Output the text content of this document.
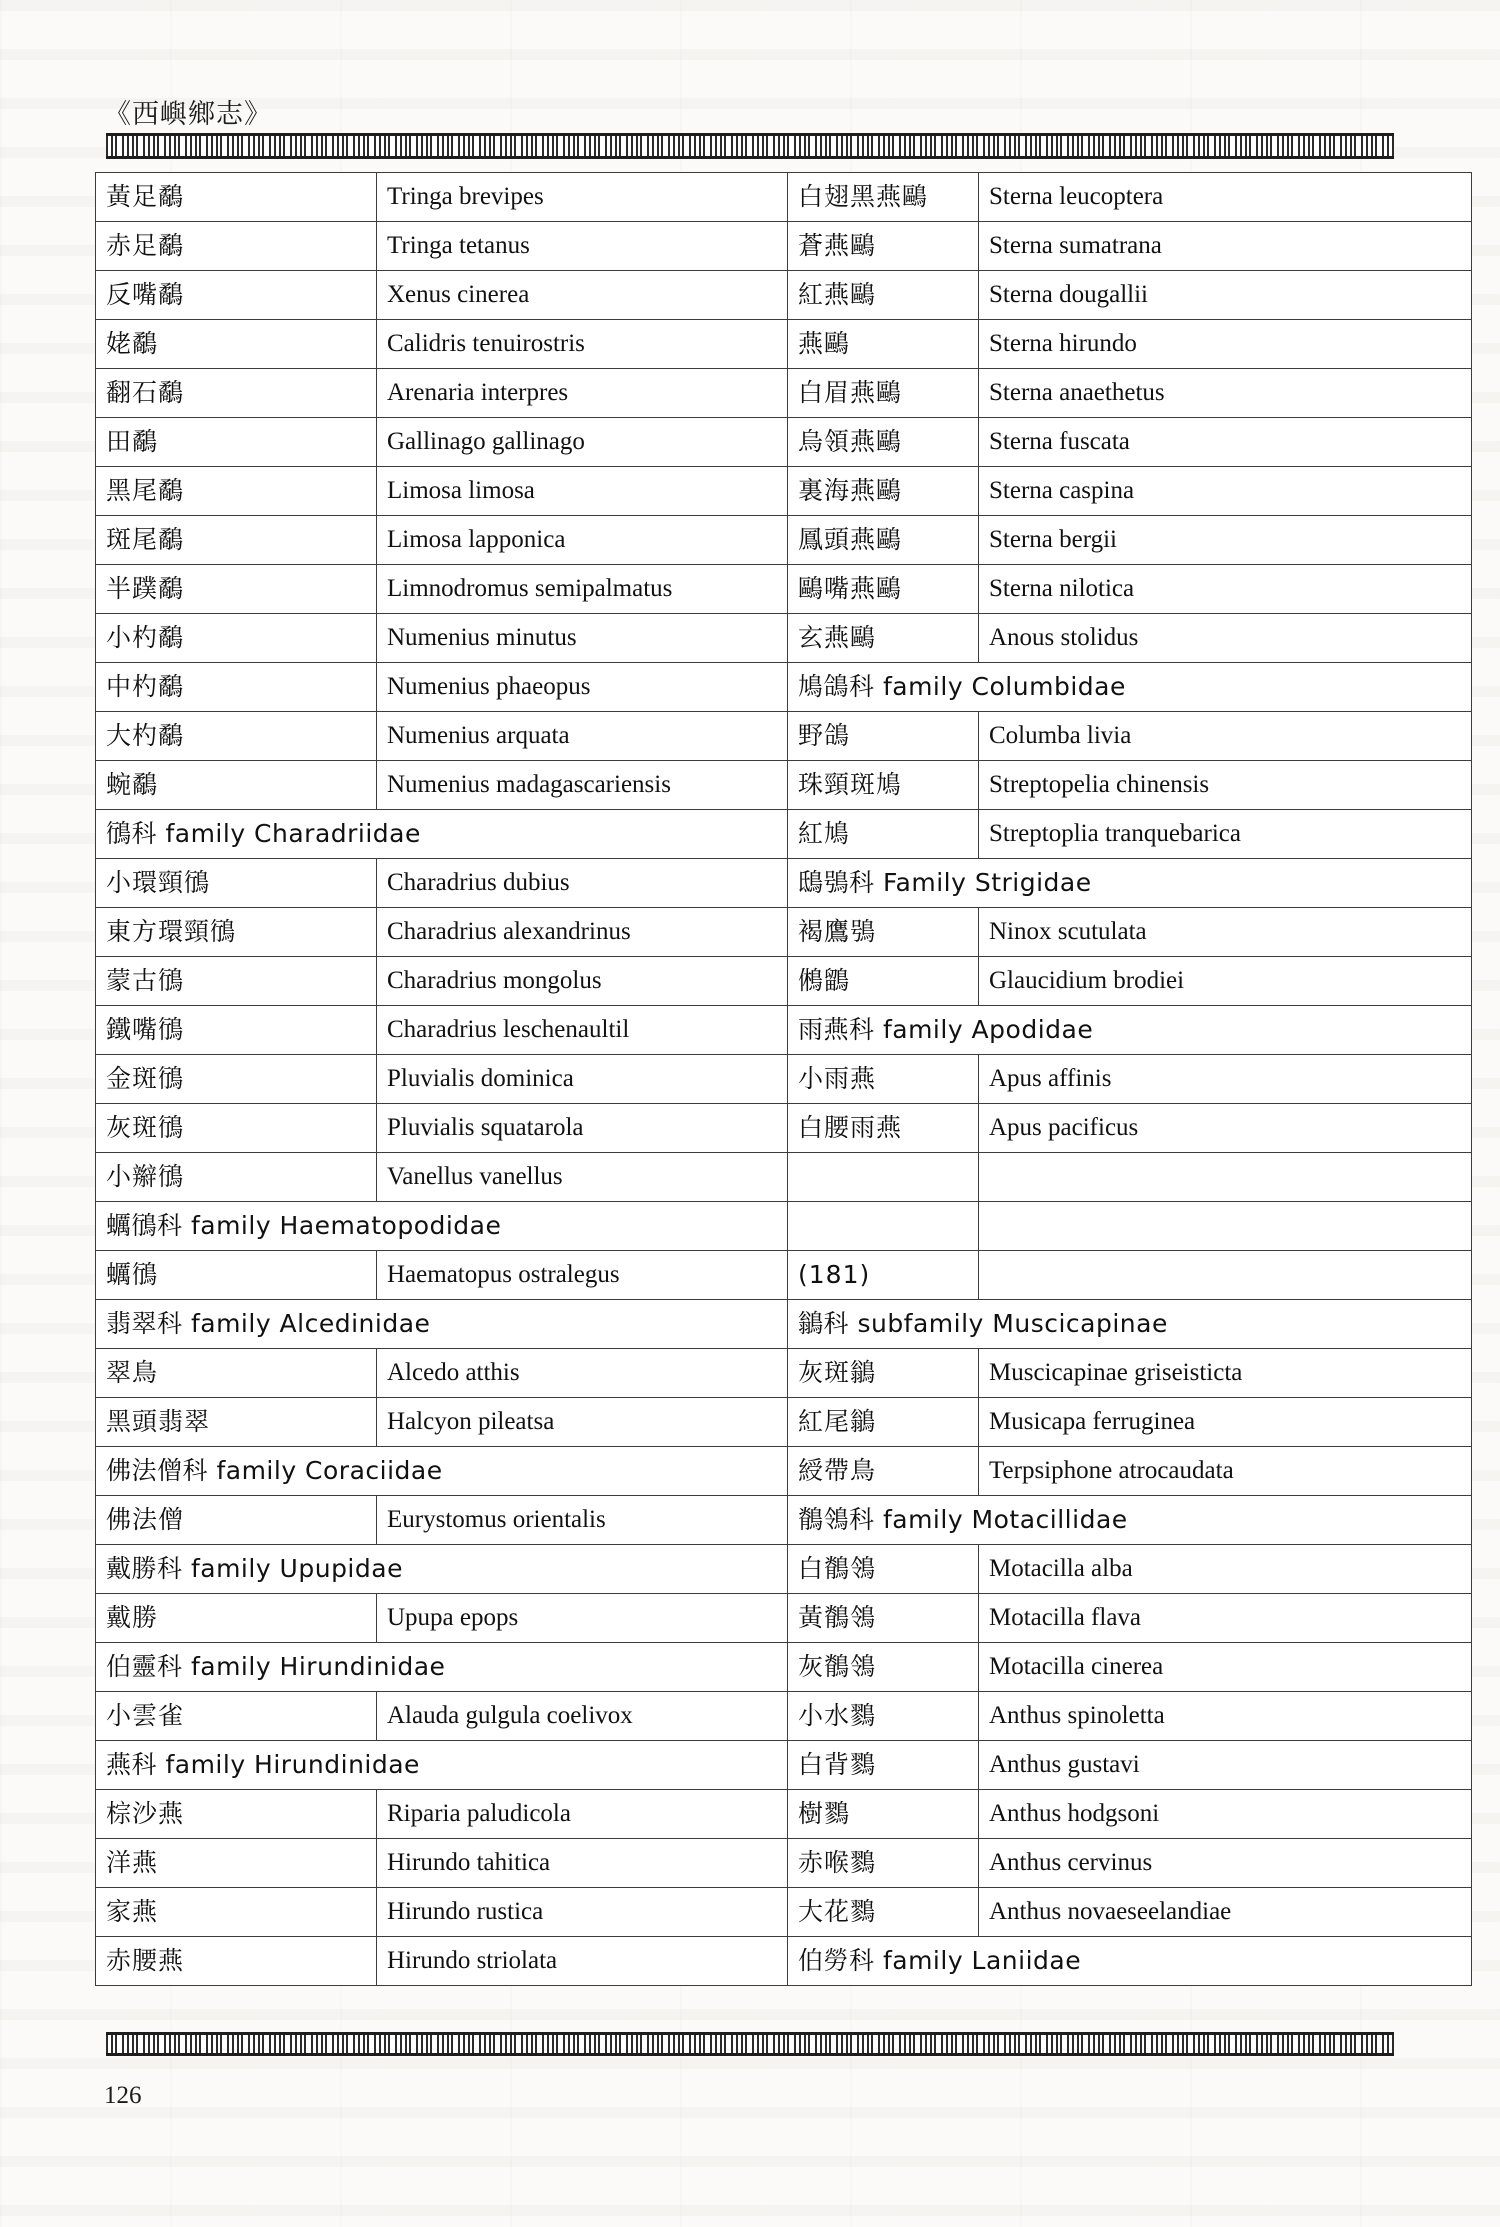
《西嶼鄉志》
黃足鷸	Tringa brevipes	白翅黑燕鷗	Sterna leucoptera
赤足鷸	Tringa tetanus	蒼燕鷗	Sterna sumatrana
反嘴鷸	Xenus cinerea	紅燕鷗	Sterna dougallii
姥鷸	Calidris tenuirostris	燕鷗	Sterna hirundo
翻石鷸	Arenaria interpres	白眉燕鷗	Sterna anaethetus
田鷸	Gallinago gallinago	烏領燕鷗	Sterna fuscata
黑尾鷸	Limosa limosa	裏海燕鷗	Sterna caspina
斑尾鷸	Limosa lapponica	鳳頭燕鷗	Sterna bergii
半蹼鷸	Limnodromus semipalmatus	鷗嘴燕鷗	Sterna nilotica
小杓鷸	Numenius minutus	玄燕鷗	Anous stolidus
中杓鷸	Numenius phaeopus	鳩鴿科 family Columbidae	
大杓鷸	Numenius arquata	野鴿	Columba livia
蜿鷸	Numenius madagascariensis	珠頸斑鳩	Streptopelia chinensis
鴴科 family Charadriidae		紅鳩	Streptoplia tranquebarica
小環頸鴴	Charadrius dubius	鴟鴞科 Family Strigidae	
東方環頸鴴	Charadrius alexandrinus	褐鷹鴞	Ninox scutulata
蒙古鴴	Charadrius mongolus	鵂鶹	Glaucidium brodiei
鐵嘴鴴	Charadrius leschenaultil	雨燕科 family Apodidae	
金斑鴴	Pluvialis dominica	小雨燕	Apus affinis
灰斑鴴	Pluvialis squatarola	白腰雨燕	Apus pacificus
小辮鴴	Vanellus vanellus		
蠣鴴科 family Haematopodidae			
蠣鴴	Haematopus ostralegus	(181)	
翡翠科 family Alcedinidae		鶲科 subfamily Muscicapinae	
翠鳥	Alcedo atthis	灰斑鶲	Muscicapinae griseisticta
黑頭翡翠	Halcyon pileatsa	紅尾鶲	Musicapa ferruginea
佛法僧科 family Coraciidae		綬帶鳥	Terpsiphone atrocaudata
佛法僧	Eurystomus orientalis	鶺鴒科 family Motacillidae	
戴勝科 family Upupidae		白鶺鴒	Motacilla alba
戴勝	Upupa epops	黃鶺鴒	Motacilla flava
伯靈科 family Hirundinidae		灰鶺鴒	Motacilla cinerea
小雲雀	Alauda gulgula coelivox	小水鷚	Anthus spinoletta
燕科 family Hirundinidae		白背鷚	Anthus gustavi
棕沙燕	Riparia paludicola	樹鷚	Anthus hodgsoni
洋燕	Hirundo tahitica	赤喉鷚	Anthus cervinus
家燕	Hirundo rustica	大花鷚	Anthus novaeseelandiae
赤腰燕	Hirundo striolata	伯勞科 family Laniidae	
126
